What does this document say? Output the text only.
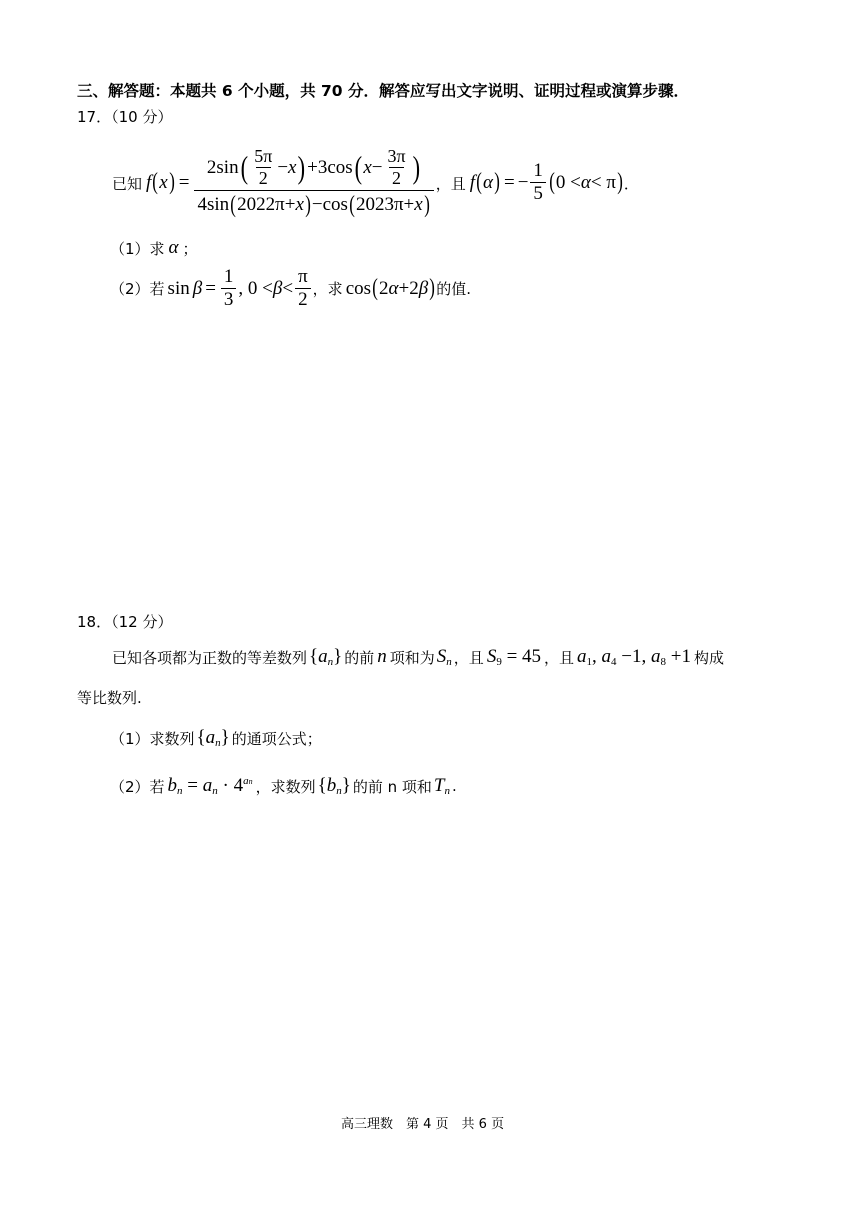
三、解答题：本题共 6 个小题，共 70 分．解答应写出文字说明、证明过程或演算步骤．
17．（10 分）
已知 f ( x ) = $\frac{2\sin ( \frac{5\pi}{2} - x ) +3\cos ( x - \frac{3\pi}{2} )}{4\sin(2022\pi+x)-\cos(2023\pi+x)}$ ，且 f ( α ) = − $\frac{1}{5}$ ( 0 < α < π ) ．
（1）求 α ；
（2）若 $\sin \beta = \frac{1}{3}$ , $0 < \beta < \frac{\pi}{2}$ ，求 cos ( 2 α +2 β ) 的值.
18．（12 分）
已知各项都为正数的等差数列 $\{a_n\}$ 的前 n 项和为 $S_n$ ，且 $S_9 = 45$ ，且 $a_1$, $a_4 -1$, $a_8 +1$ 构成
等比数列.
（1）求数列 $\{a_n\}$ 的通项公式；
（2）若 $b_n = a_n \cdot 4^{an}$ ，求数列 $\{b_n\}$ 的前 n 项和 $T_n$ .
高三理数　第 4 页　共 6 页
